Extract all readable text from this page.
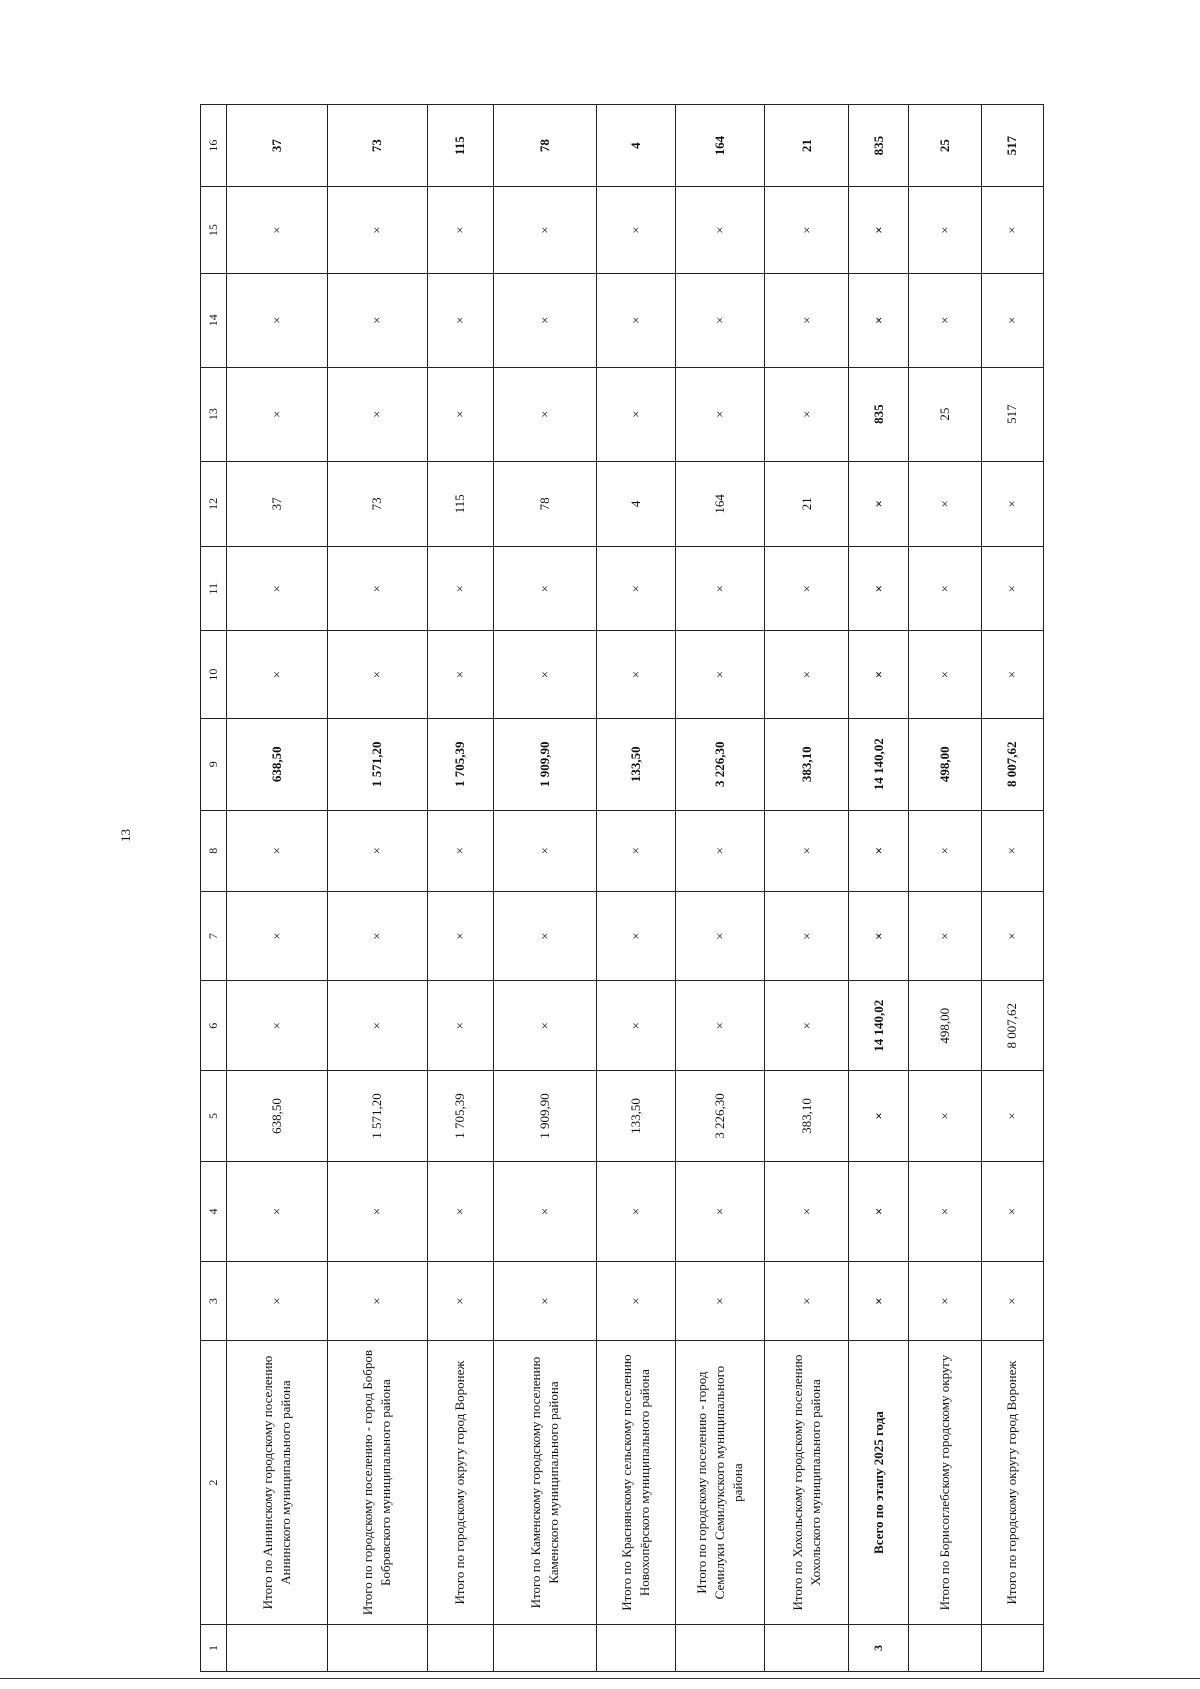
13
1	2	3	4	5	6	7	8	9	10	11	12	13	14	15	16
	Итого по Аннинскому городскому поселению Аннинского муниципального района	×	×	638,50	×	×	×	638,50	×	×	37	×	×	×	37
	Итого по городскому поселению - город Бобров Бобровского муниципального района	×	×	1 571,20	×	×	×	1 571,20	×	×	73	×	×	×	73
	Итого по городскому округу город Воронеж	×	×	1 705,39	×	×	×	1 705,39	×	×	115	×	×	×	115
	Итого по Каменскому городскому поселению Каменского муниципального района	×	×	1 909,90	×	×	×	1 909,90	×	×	78	×	×	×	78
	Итого по Краснянскому сельскому поселению Новохопёрского муниципального района	×	×	133,50	×	×	×	133,50	×	×	4	×	×	×	4
	Итого по городскому поселению - город Семилуки Семилукского муниципального района	×	×	3 226,30	×	×	×	3 226,30	×	×	164	×	×	×	164
	Итого по Хохольскому городскому поселению Хохольского муниципального района	×	×	383,10	×	×	×	383,10	×	×	21	×	×	×	21
3	Всего по этапу 2025 года	×	×	×	14 140,02	×	×	14 140,02	×	×	×	835	×	×	835
	Итого по Борисоглебскому городскому округу	×	×	×	498,00	×	×	498,00	×	×	×	25	×	×	25
	Итого по городскому округу город Воронеж	×	×	×	8 007,62	×	×	8 007,62	×	×	×	517	×	×	517
